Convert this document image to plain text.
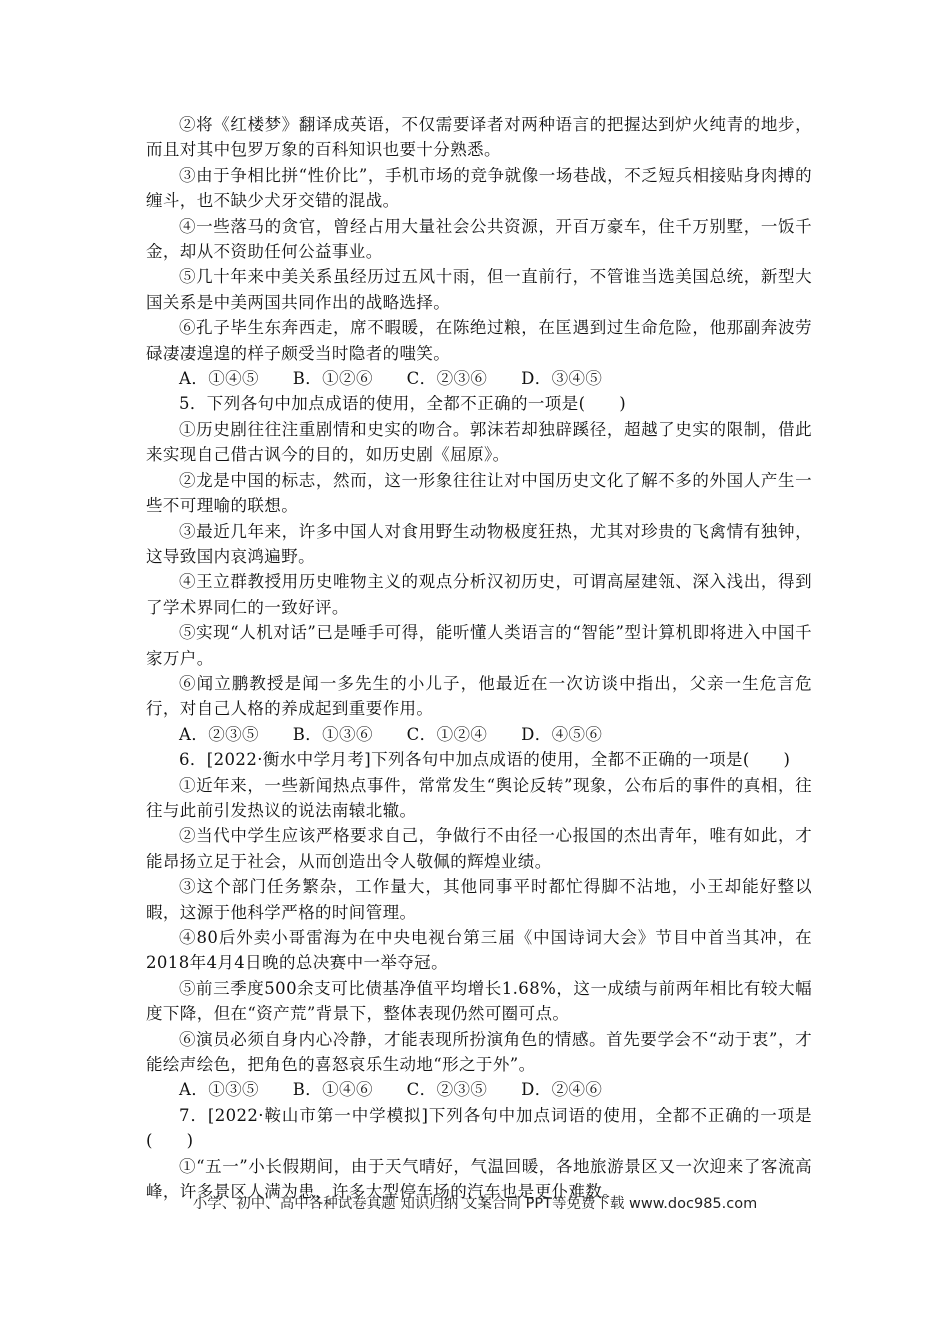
②将《红楼梦》翻译成英语，不仅需要译者对两种语言的把握达到炉火纯青的地步，而且对其中包罗万象的百科知识也要十分熟悉。

③由于争相比拼“性价比”，手机市场的竞争就像一场巷战，不乏短兵相接贴身肉搏的缠斗，也不缺少犬牙交错的混战。

④一些落马的贪官，曾经占用大量社会公共资源，开百万豪车，住千万别墅，一饭千金，却从不资助任何公益事业。

⑤几十年来中美关系虽经历过五风十雨，但一直前行，不管谁当选美国总统，新型大国关系是中美两国共同作出的战略选择。

⑥孔子毕生东奔西走，席不暇暖，在陈绝过粮，在匡遇到过生命危险，他那副奔波劳碌凄凄遑遑的样子颇受当时隐者的嗤笑。

A．①④⑤　　B．①②⑥　　C．②③⑥　　D．③④⑤

5．下列各句中加点成语的使用，全都不正确的一项是(　　)

①历史剧往往注重剧情和史实的吻合。郭沫若却独辟蹊径，超越了史实的限制，借此来实现自己借古讽今的目的，如历史剧《屈原》。

②龙是中国的标志，然而，这一形象往往让对中国历史文化了解不多的外国人产生一些不可理喻的联想。

③最近几年来，许多中国人对食用野生动物极度狂热，尤其对珍贵的飞禽情有独钟，这导致国内哀鸿遍野。

④王立群教授用历史唯物主义的观点分析汉初历史，可谓高屋建瓴、深入浅出，得到了学术界同仁的一致好评。

⑤实现“人机对话”已是唾手可得，能听懂人类语言的“智能”型计算机即将进入中国千家万户。

⑥闻立鹏教授是闻一多先生的小儿子，他最近在一次访谈中指出，父亲一生危言危行，对自己人格的养成起到重要作用。

A．②③⑤　　B．①③⑥　　C．①②④　　D．④⑤⑥

6．[2022·衡水中学月考]下列各句中加点成语的使用，全都不正确的一项是(　　)

①近年来，一些新闻热点事件，常常发生“舆论反转”现象，公布后的事件的真相，往往与此前引发热议的说法南辕北辙。

②当代中学生应该严格要求自己，争做行不由径一心报国的杰出青年，唯有如此，才能昂扬立足于社会，从而创造出令人敬佩的辉煌业绩。

③这个部门任务繁杂，工作量大，其他同事平时都忙得脚不沾地，小王却能好整以暇，这源于他科学严格的时间管理。

④80后外卖小哥雷海为在中央电视台第三届《中国诗词大会》节目中首当其冲，在2018年4月4日晚的总决赛中一举夺冠。

⑤前三季度500余支可比债基净值平均增长1.68%，这一成绩与前两年相比有较大幅度下降，但在“资产荒”背景下，整体表现仍然可圈可点。

⑥演员必须自身内心冷静，才能表现所扮演角色的情感。首先要学会不“动于衷”，才能绘声绘色，把角色的喜怒哀乐生动地“形之于外”。

A．①③⑤　　B．①④⑥　　C．②③⑤　　D．②④⑥

7．[2022·鞍山市第一中学模拟]下列各句中加点词语的使用，全都不正确的一项是(　　)

①“五一”小长假期间，由于天气晴好，气温回暖，各地旅游景区又一次迎来了客流高峰，许多景区人满为患，许多大型停车场的汽车也是更仆难数。

小学、初中、高中各种试卷真题 知识归纳 文案合同 PPT等免费下载 www.doc985.com
